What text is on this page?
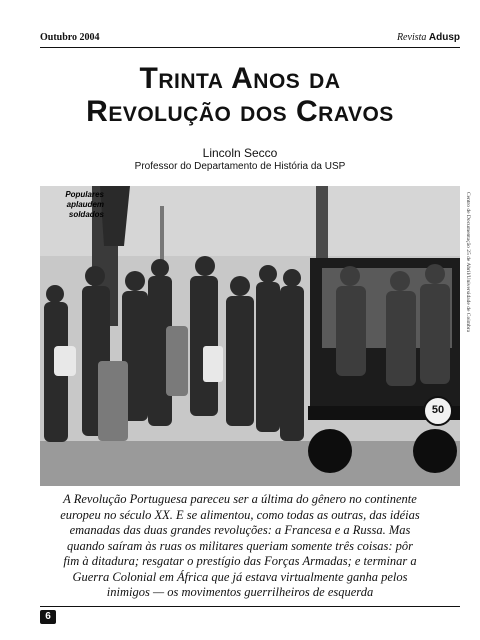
Outubro 2004	Revista Adusp
Trinta Anos da
Revolução dos Cravos
Lincoln Secco
Professor do Departamento de História da USP
50
Populares
aplaudem
soldados	Centro de Documentação 25 de Abril/Universidade de Coimbra
A Revolução Portuguesa pareceu ser a última do gênero no continente europeu no século XX. E se alimentou, como todas as outras, das idéias emanadas das duas grandes revoluções: a Francesa e a Russa. Mas quando saíram às ruas os militares queriam somente três coisas: pôr fim à ditadura; resgatar o prestígio das Forças Armadas; e terminar a Guerra Colonial em África que já estava virtualmente ganha pelos inimigos — os movimentos guerrilheiros de esquerda
6
